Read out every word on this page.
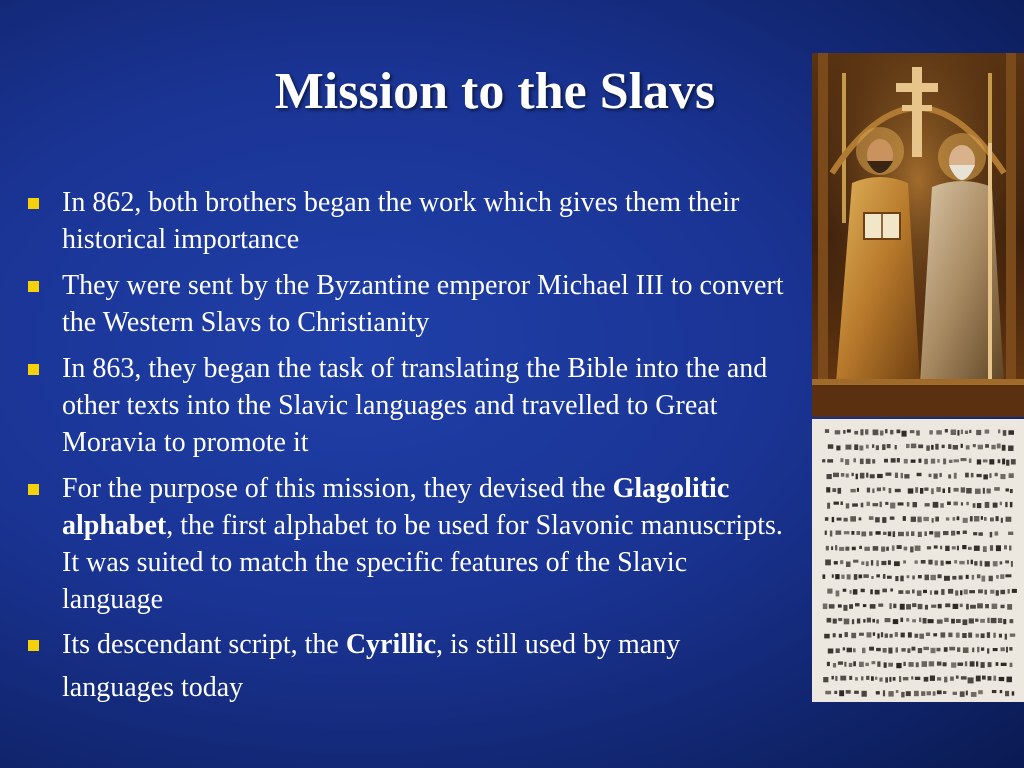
Mission to the Slavs
In 862, both brothers began the work which gives them their historical importance
They were sent by the Byzantine emperor Michael III to convert the Western Slavs to Christianity
In 863, they began the task of translating the Bible into the and other texts into the Slavic languages and travelled to Great Moravia to promote it
For the purpose of this mission, they devised the Glagolitic alphabet, the first alphabet to be used for Slavonic manuscripts. It was suited to match the specific features of the Slavic language
Its descendant script, the Cyrillic, is still used by many languages today
